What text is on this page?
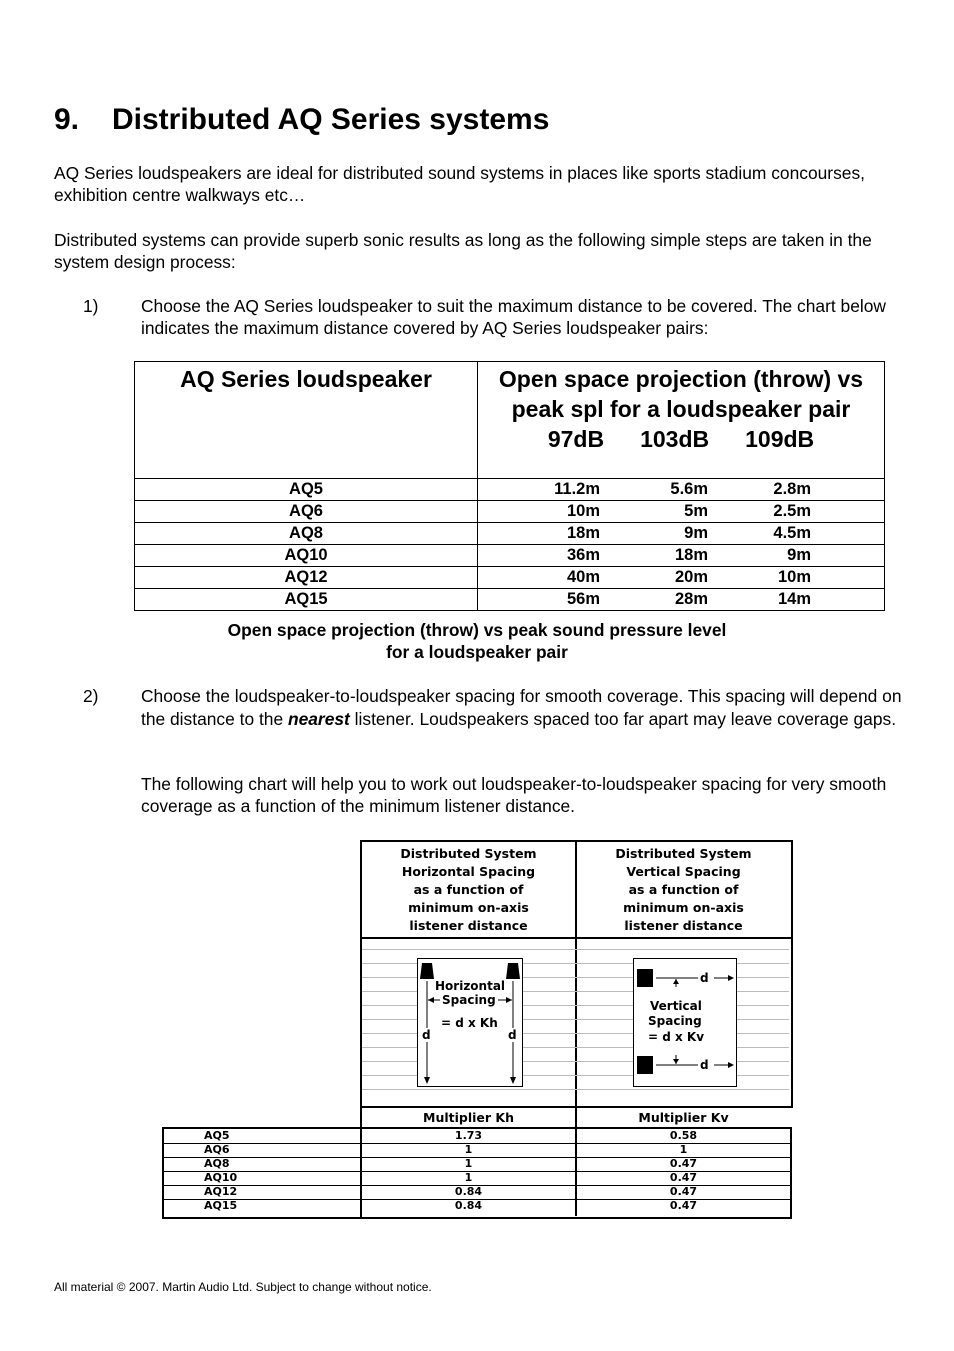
9. Distributed AQ Series systems

AQ Series loudspeakers are ideal for distributed sound systems in places like sports stadium concourses, exhibition centre walkways etc…

Distributed systems can provide superb sonic results as long as the following simple steps are taken in the system design process:

1) Choose the AQ Series loudspeaker to suit the maximum distance to be covered. The chart below indicates the maximum distance covered by AQ Series loudspeaker pairs:

AQ Series loudspeaker	Open space projection (throw) vs peak spl for a loudspeaker pair
97dB 103dB 109dB

AQ5	11.2m 5.6m 2.8m

AQ6	10m 5m 2.5m

AQ8	18m 9m 4.5m

AQ10	36m 18m 9m

AQ12	40m 20m 10m

AQ15	56m 28m 14m

Open space projection (throw) vs peak sound pressure level

for a loudspeaker pair

2) Choose the loudspeaker-to-loudspeaker spacing for smooth coverage. This spacing will depend on the distance to the nearest listener. Loudspeakers spaced too far apart may leave coverage gaps.

The following chart will help you to work out loudspeaker-to-loudspeaker spacing for very smooth coverage as a function of the minimum listener distance.

Distributed System
Horizontal Spacing
as a function of
minimum on-axis
listener distance
Distributed System
Vertical Spacing
as a function of
minimum on-axis
listener distance
Horizontal
Spacing
= d x Kh
d	d
d
d
Vertical
Spacing
= d x Kv
Multiplier Kh	Multiplier Kv
AQ5	1.73	0.58
AQ6	1	1
AQ8	1	0.47
AQ10	1	0.47
AQ12	0.84	0.47
AQ15	0.84	0.47
All material © 2007. Martin Audio Ltd. Subject to change without notice.
